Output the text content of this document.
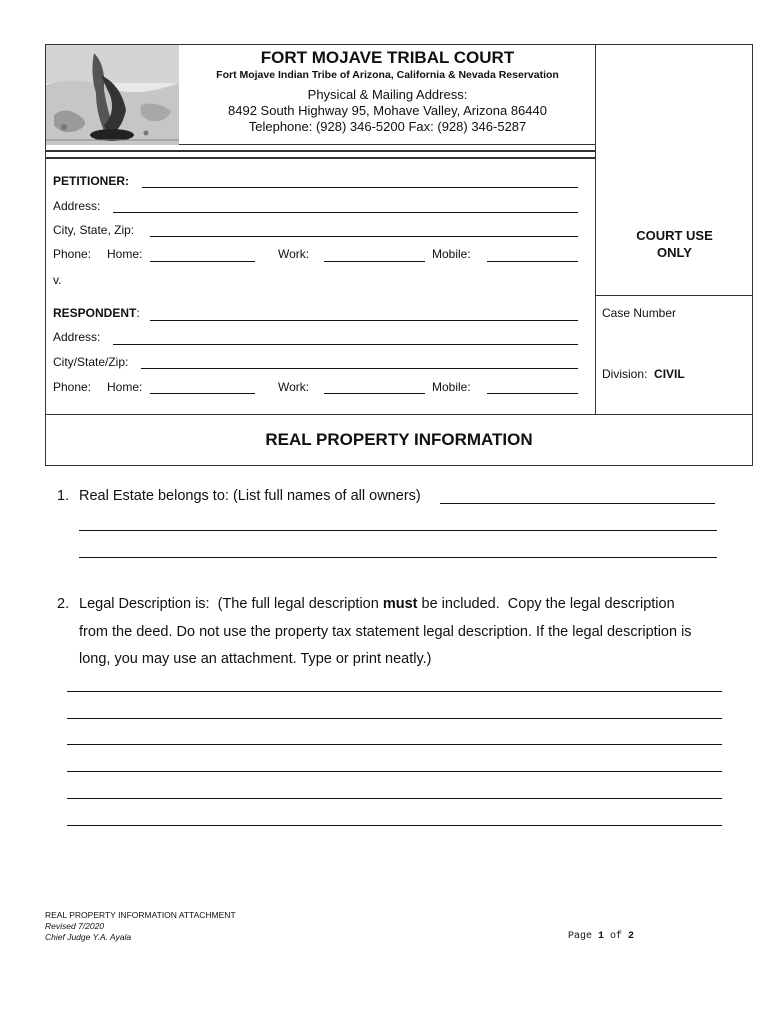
FORT MOJAVE TRIBAL COURT
Fort Mojave Indian Tribe of Arizona, California & Nevada Reservation
Physical & Mailing Address:
8492 South Highway 95, Mohave Valley, Arizona 86440
Telephone: (928) 346-5200 Fax: (928) 346-5287
PETITIONER:
Address:
City, State, Zip:
Phone: Home:	Work:	Mobile:
v.
RESPONDENT:
Address:
City/State/Zip:
Phone: Home:	Work:	Mobile:
COURT USE
ONLY
Case Number
Division: CIVIL
REAL PROPERTY INFORMATION
1. Real Estate belongs to: (List full names of all owners)
2. Legal Description is:  (The full legal description must be included.  Copy the legal description
from the deed. Do not use the property tax statement legal description. If the legal description is
long, you may use an attachment. Type or print neatly.)
REAL PROPERTY INFORMATION ATTACHMENT
Revised 7/2020
Chief Judge Y.A. Ayala	Page 1 of 2
